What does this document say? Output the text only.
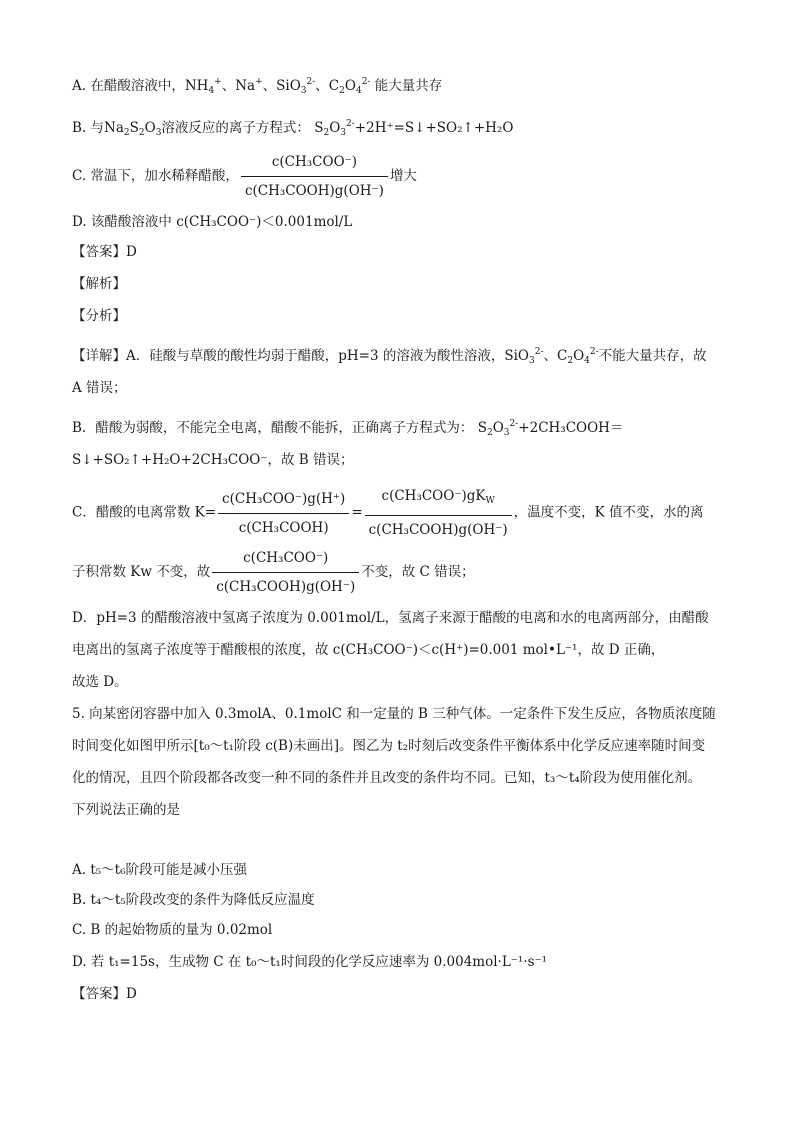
A. 在醋酸溶液中，$NH_4^+$、Na+、SiO$_3^{2-}$、$C_2O_4^{2-}$ 能大量共存
B. 与$Na_2S_2O_3$溶液反应的离子方程式： $S_2O_3^{2-}+2H^+=S↓+SO_2↑+H_2O$
C. 常温下，加水稀释醋酸， $\frac{\text{c(CH₃COO⁻)}}{\text{c(CH₃COOH)g(OH⁻)}}$ 增大
D. 该醋酸溶液中 c(CH₃COO⁻)＜0.001mol/L
【答案】D
【解析】
【分析】
【详解】A．硅酸与草酸的酸性均弱于醋酸，pH=3 的溶液为酸性溶液，SiO$_3^{2-}$、$C_2O_4^{2-}$不能大量共存，故
A 错误；
B．醋酸为弱酸，不能完全电离，醋酸不能拆，正确离子方程式为： $S_2O_3^{2-}+2CH_3COOH=$
S↓+SO₂↑+H₂O+2CH₃COO⁻，故 B 错误；
C．醋酸的电离常数 $K= \frac{\text{c(CH₃COO⁻)g(H⁺)}}{\text{c(CH₃COOH)}} = \frac{c(CH_3COO^-)gK_W}{\text{c(CH₃COOH)g(OH⁻)}}$ ，温度不变，K 值不变，水的离
子积常数 Kw 不变，故 $\frac{\text{c(CH₃COO⁻)}}{\text{c(CH₃COOH)g(OH⁻)}}$ 不变，故 C 错误；
D．pH=3 的醋酸溶液中氢离子浓度为 0.001mol/L，氢离子来源于醋酸的电离和水的电离两部分，由醋酸
电离出的氢离子浓度等于醋酸根的浓度，故 c(CH₃COO⁻)＜c(H⁺)=0.001 mol•L⁻¹，故 D 正确，
故选 D。
5. 向某密闭容器中加入 0.3molA、0.1molC 和一定量的 B 三种气体。一定条件下发生反应，各物质浓度随
时间变化如图甲所示[t₀～t₁阶段 c(B)未画出]。图乙为 t₂时刻后改变条件平衡体系中化学反应速率随时间变
化的情况，且四个阶段都各改变一种不同的条件并且改变的条件均不同。已知，t₃～t₄阶段为使用催化剂。
下列说法正确的是
A. t₅～t₆阶段可能是减小压强
B. t₄～t₅阶段改变的条件为降低反应温度
C. B 的起始物质的量为 0.02mol
D. 若 t₁=15s，生成物 C 在 t₀～t₁时间段的化学反应速率为 0.004mol·L⁻¹·s⁻¹
【答案】D
